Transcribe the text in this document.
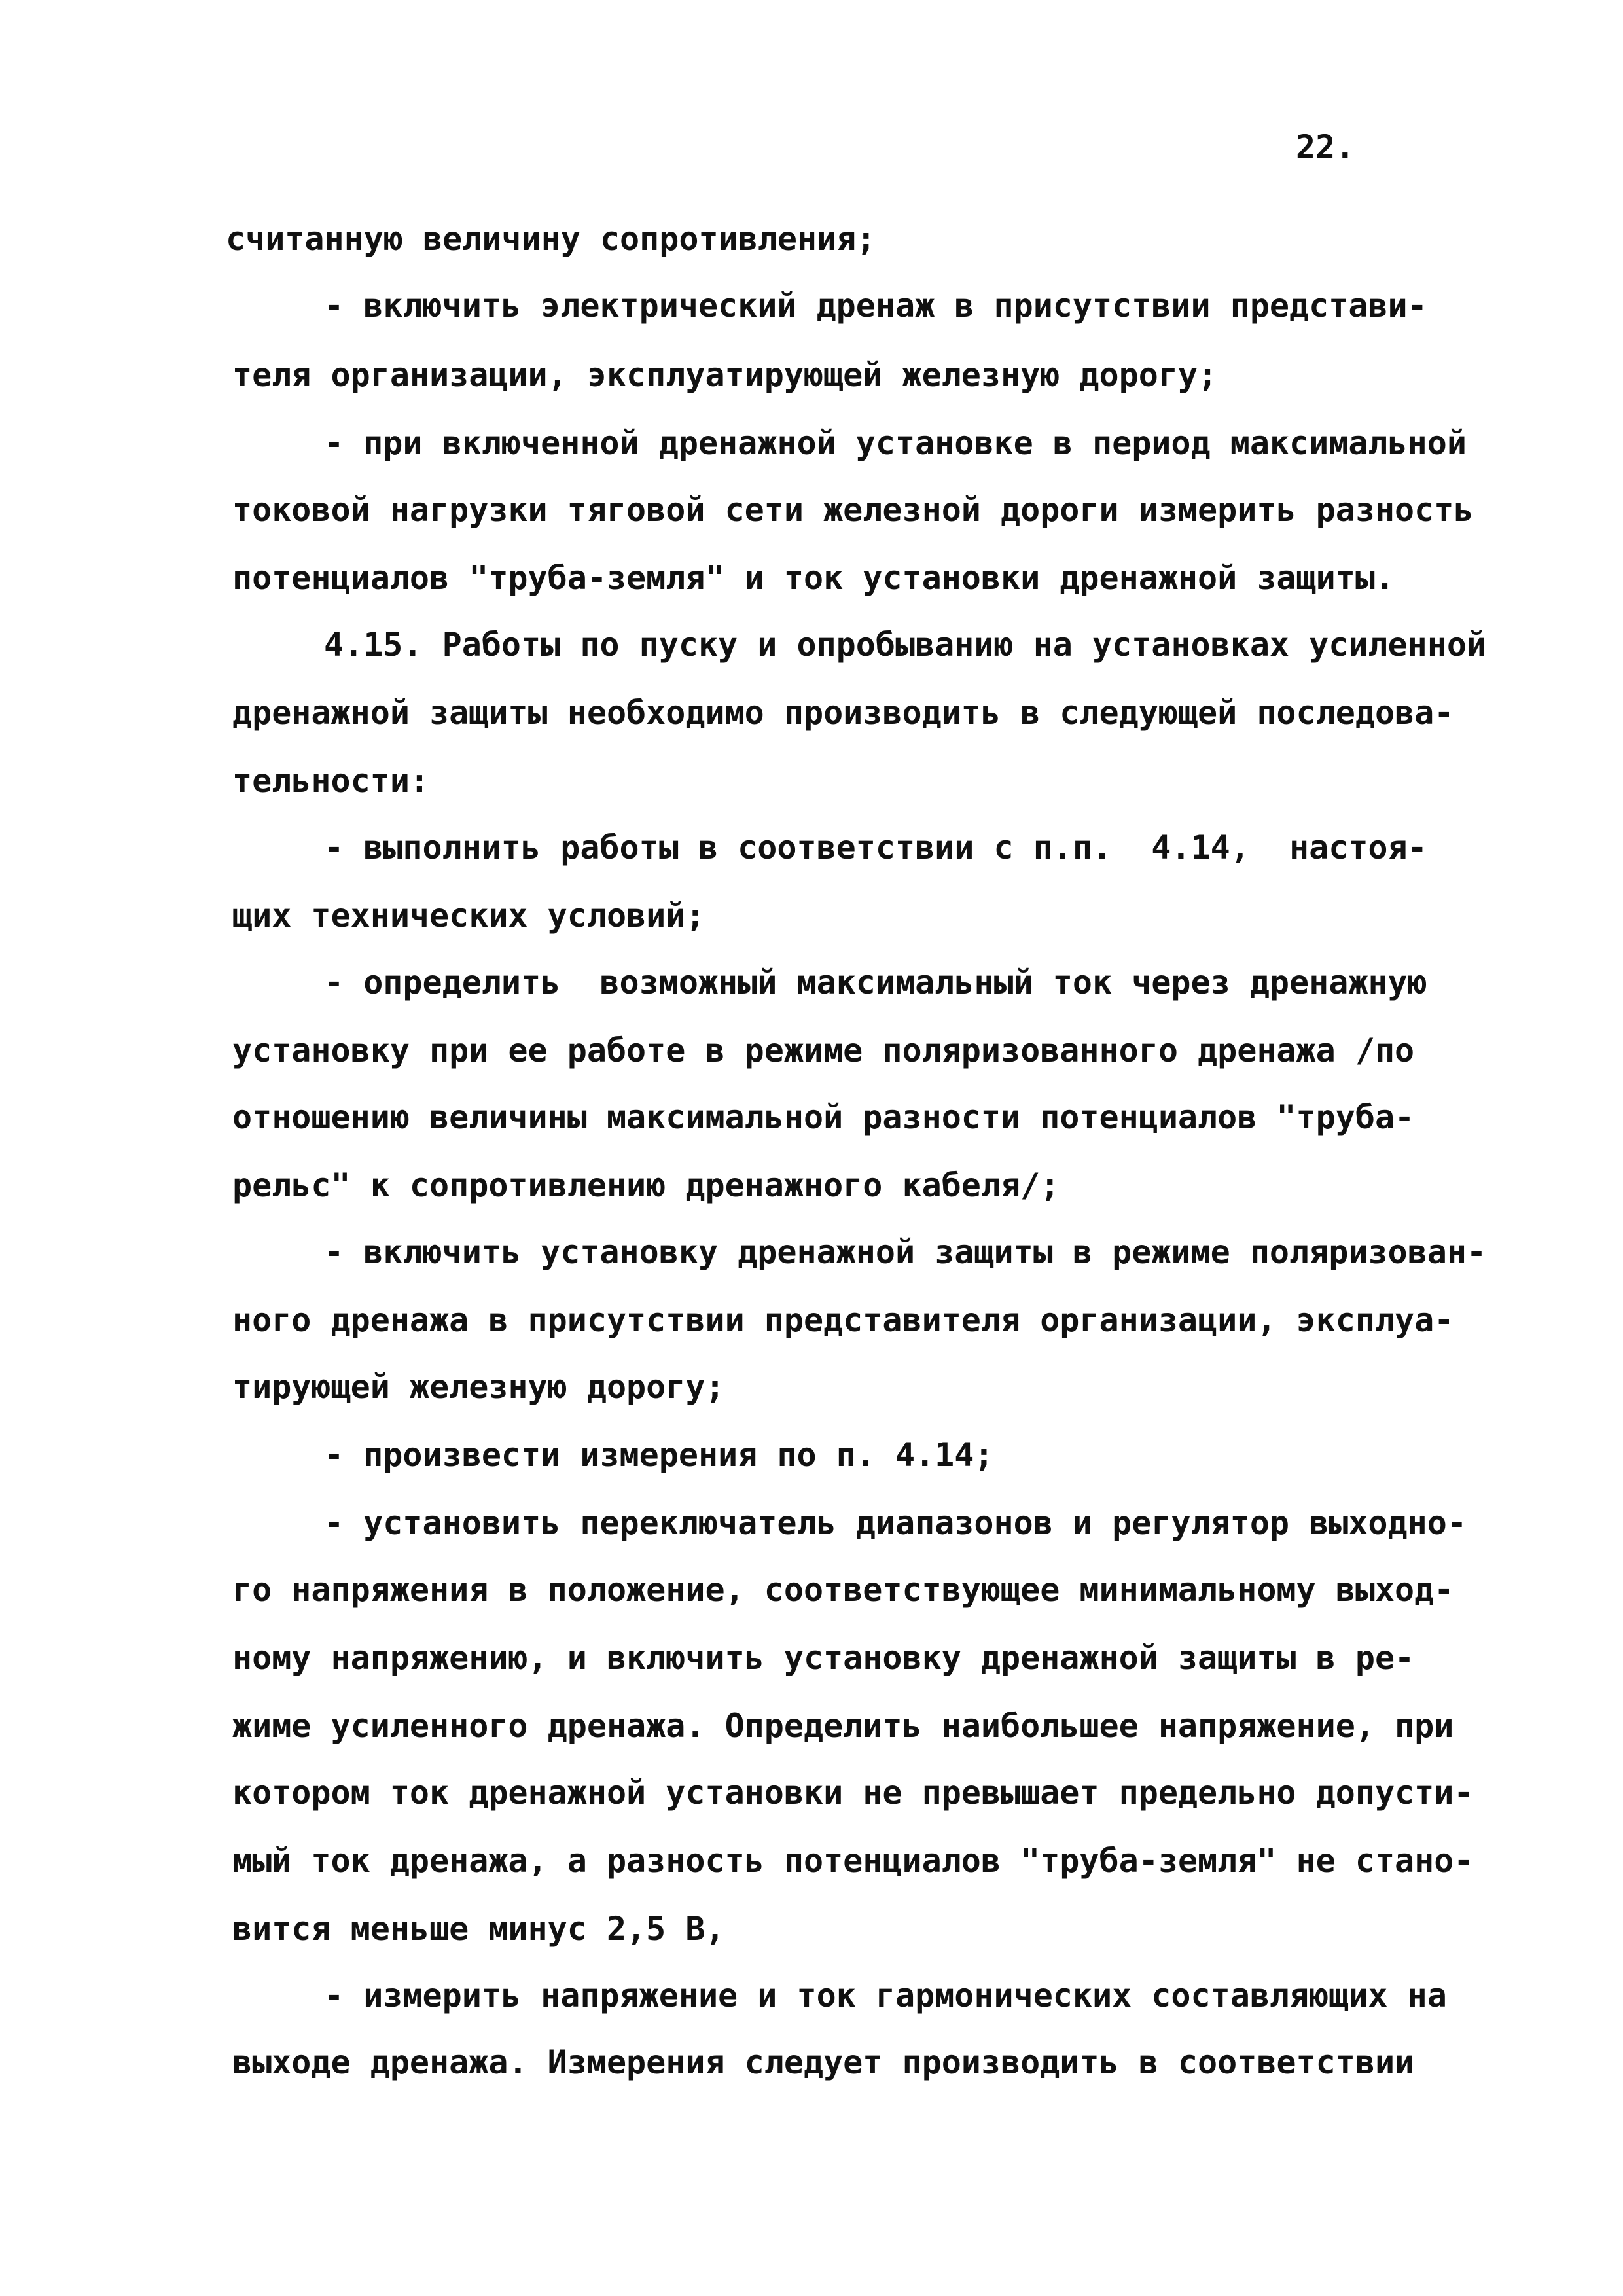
22.
считанную величину сопротивления;
- включить электрический дренаж в присутствии представи-
теля организации, эксплуатирующей железную дорогу;
- при включенной дренажной установке в период максимальной
токовой нагрузки тяговой сети железной дороги измерить разность
потенциалов "труба-земля" и ток установки дренажной защиты.
4.15. Работы по пуску и опробыванию на установках усиленной
дренажной защиты необходимо производить в следующей последова-
тельности:
- выполнить работы в соответствии с п.п.  4.14,  настоя-
щих технических условий;
- определить  возможный максимальный ток через дренажную
установку при ее работе в режиме поляризованного дренажа /по
отношению величины максимальной разности потенциалов "труба-
рельс" к сопротивлению дренажного кабеля/;
- включить установку дренажной защиты в режиме поляризован-
ного дренажа в присутствии представителя организации, эксплуа-
тирующей железную дорогу;
- произвести измерения по п. 4.14;
- установить переключатель диапазонов и регулятор выходно-
го напряжения в положение, соответствующее минимальному выход-
ному напряжению, и включить установку дренажной защиты в ре-
жиме усиленного дренажа. Определить наибольшее напряжение, при
котором ток дренажной установки не превышает предельно допусти-
мый ток дренажа, а разность потенциалов "труба-земля" не стано-
вится меньше минус 2,5 В,
- измерить напряжение и ток гармонических составляющих на
выходе дренажа. Измерения следует производить в соответствии
